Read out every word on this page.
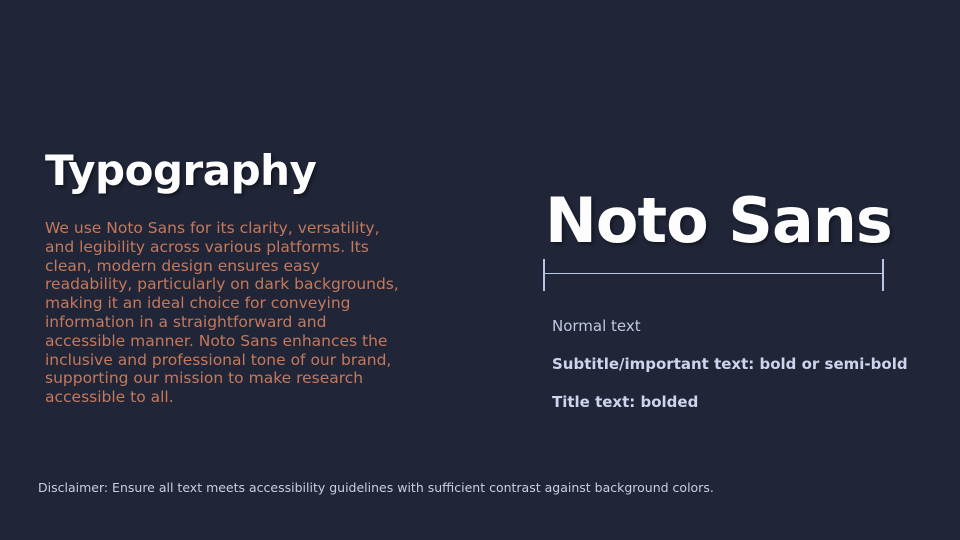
Typography

We use Noto Sans for its clarity, versatility, and legibility across various platforms. Its clean, modern design ensures easy readability, particularly on dark backgrounds, making it an ideal choice for conveying information in a straightforward and accessible manner. Noto Sans enhances the inclusive and professional tone of our brand, supporting our mission to make research accessible to all.

Noto Sans
Normal text
Subtitle/important text: bold or semi-bold
Title text: bolded
Disclaimer: Ensure all text meets accessibility guidelines with sufficient contrast against background colors.
